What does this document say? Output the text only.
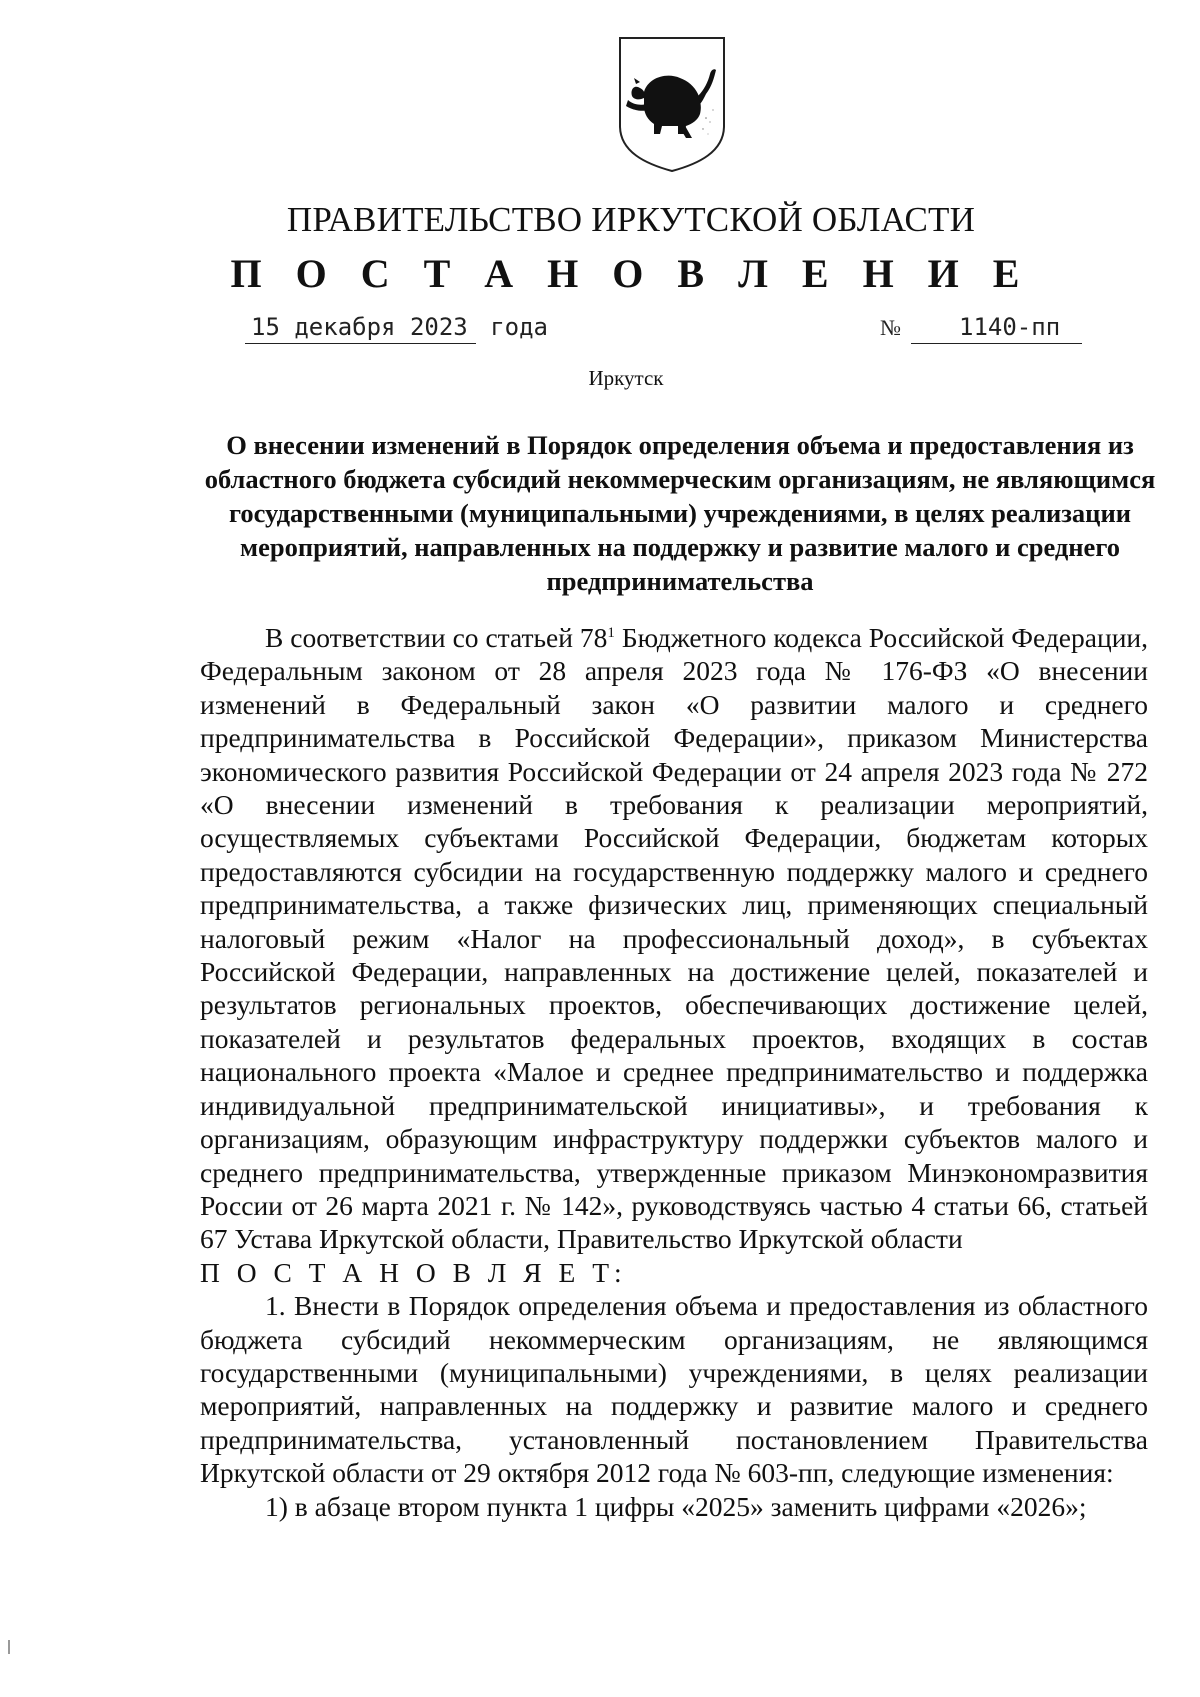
ПРАВИТЕЛЬСТВО ИРКУТСКОЙ ОБЛАСТИ
П О С Т А Н О В Л Е Н И Е
15 декабря 2023 года	№ 1140-пп
Иркутск
О внесении изменений в Порядок определения объема и предоставления из областного бюджета субсидий некоммерческим организациям, не являющимся государственными (муниципальными) учреждениями, в целях реализации мероприятий, направленных на поддержку и развитие малого и среднего предпринимательства

В соответствии со статьей $78^1$ Бюджетного кодекса Российской Федерации, Федеральным законом от 28 апреля 2023 года № 176-ФЗ «О внесении изменений в Федеральный закон «О развитии малого и среднего предпринимательства в Российской Федерации», приказом Министерства экономического развития Российской Федерации от 24 апреля 2023 года № 272 «О внесении изменений в требования к реализации мероприятий, осуществляемых субъектами Российской Федерации, бюджетам которых предоставляются субсидии на государственную поддержку малого и среднего предпринимательства, а также физических лиц, применяющих специальный налоговый режим «Налог на профессиональный доход», в субъектах Российской Федерации, направленных на достижение целей, показателей и результатов региональных проектов, обеспечивающих достижение целей, показателей и результатов федеральных проектов, входящих в состав национального проекта «Малое и среднее предпринимательство и поддержка индивидуальной предпринимательской инициативы», и требования к организациям, образующим инфраструктуру поддержки субъектов малого и среднего предпринимательства, утвержденные приказом Минэкономразвития России от 26 марта 2021 г. № 142», руководствуясь частью 4 статьи 66, статьей 67 Устава Иркутской области, Правительство Иркутской области

П О С Т А Н О В Л Я Е Т:

1. Внести в Порядок определения объема и предоставления из областного бюджета субсидий некоммерческим организациям, не являющимся государственными (муниципальными) учреждениями, в целях реализации мероприятий, направленных на поддержку и развитие малого и среднего предпринимательства, установленный постановлением Правительства Иркутской области от 29 октября 2012 года № 603-пп, следующие изменения:

1) в абзаце втором пункта 1 цифры «2025» заменить цифрами «2026»;
